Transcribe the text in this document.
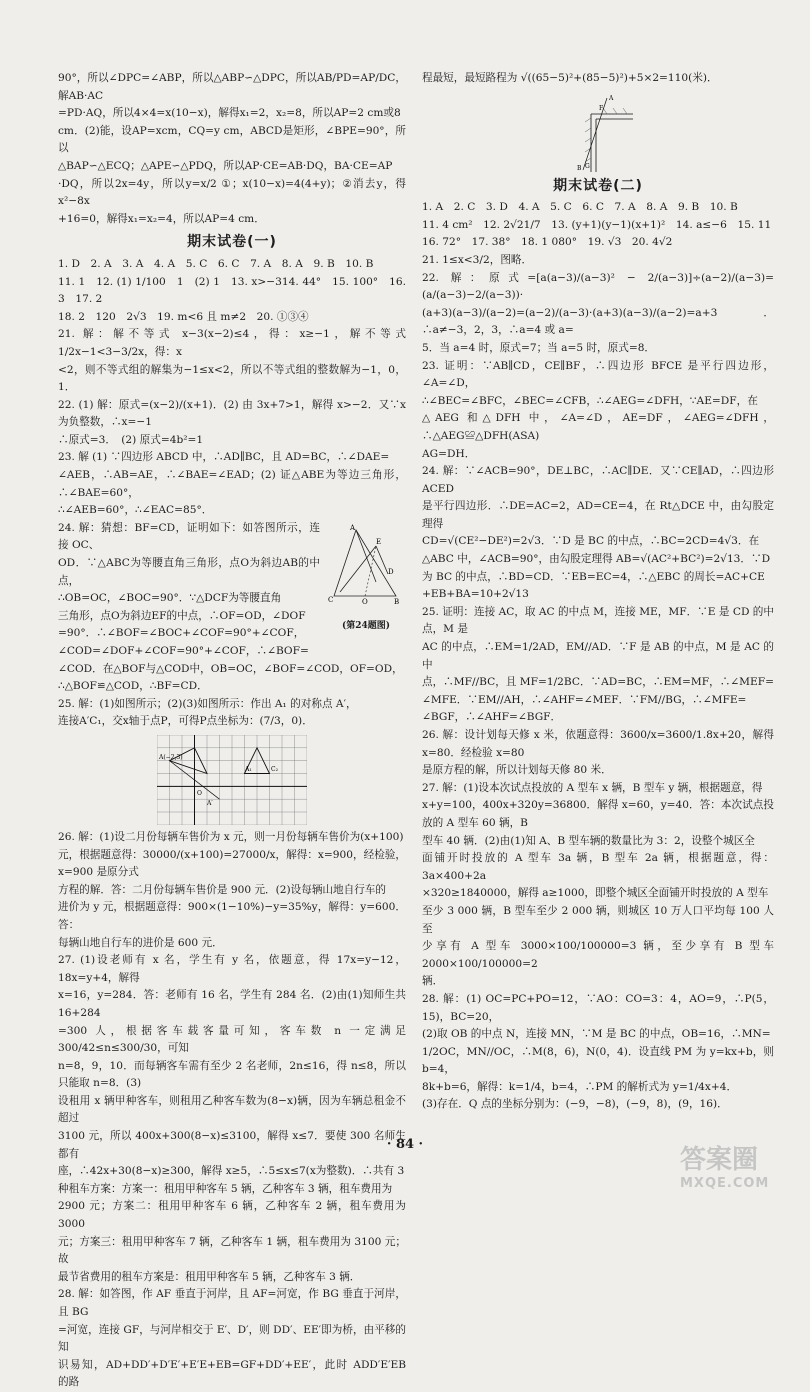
90°，所以∠DPC=∠ABP，所以△ABP∽△DPC，所以AB/PD=AP/DC，解AB·AC

=PD·AQ，所以4×4=x(10−x)，解得x₁=2，x₂=8，所以AP=2 cm或8

cm．(2)能，设AP=xcm，CQ=y cm，ABCD是矩形，∠BPE=90°，所以

△BAP∽△ECQ；△APE∽△PDQ，所以AP·CE=AB·DQ，BA·CE=AP

·DQ，所以2x=4y，所以y=x/2 ①；x(10−x)=4(4+y)；②消去y，得x²−8x

+16=0，解得x₁=x₂=4，所以AP=4 cm．

期末试卷(一)

1. D　2. A　3. A　4. A　5. C　6. C　7. A　8. A　9. B　10. B

11. 1　12. (1) 1/100　1　(2) 1　13. x>−314. 44°　15. 100°　16. 3　17. 2

18. 2　120　2√3　19. m<6 且 m≠2　20. ①③④

21. 解：解不等式 x−3(x−2)≤4，得：x≥−1，解不等式 1/2x−1<3−3/2x，得：x

<2，则不等式组的解集为−1≤x<2，所以不等式组的整数解为−1，0，1．

22. (1) 解：原式=(x−2)/(x+1)．(2) 由 3x+7>1，解得 x>−2．又∵x为负整数，∴x=−1

∴原式=3．　(2) 原式=4b²=1

23. 解 (1) ∵四边形 ABCD 中，∴AD∥BC，且 AD=BC，∴∠DAE=

∠AEB，∴AB=AE，∴∠BAE=∠EAD；(2) 证△ABE为等边三角形，∴∠BAE=60°，

∴∠AEB=60°，∴∠EAC=85°．

A
C	B
E
D
O
(第24题图)

24. 解：猜想：BF=CD，证明如下：如答图所示，连接 OC、

OD．∵△ABC为等腰直角三角形，点O为斜边AB的中点，

∴OB=OC，∠BOC=90°．∵△DCF为等腰直角

三角形，点O为斜边EF的中点，∴OF=OD，∠DOF

=90°．∴∠BOF=∠BOC+∠COF=90°+∠COF，

∠COD=∠DOF+∠COF=90°+∠COF，∴∠BOF=

∠COD．在△BOF与△COD中，OB=OC，∠BOF=∠COD，OF=OD，

∴△BOF≌△COD，∴BF=CD．

25. 解：(1)如图所示；(2)(3)如图所示：作出 A₁ 的对称点 A′，

连接A′C₁，交x轴于点P，可得P点坐标为：(7/3，0)．

A(−2,3)
O
A₁	C₂
A′

26. 解：(1)设二月份每辆车售价为 x 元，则一月份每辆车售价为(x+100)

元，根据题意得：30000/(x+100)=27000/x，解得：x=900，经检验，x=900 是原分式

方程的解．答：二月份每辆车售价是 900 元．(2)设每辆山地自行车的

进价为 y 元，根据题意得：900×(1−10%)−y=35%y，解得：y=600．答：

每辆山地自行车的进价是 600 元．

27. (1)设老师有 x 名，学生有 y 名，依题意，得 17x=y−12，18x=y+4，解得

x=16，y=284．答：老师有 16 名，学生有 284 名．(2)由(1)知师生共 16+284

=300 人，根据客车载客量可知，客车数 n 一定满足 300/42≤n≤300/30，可知

n=8，9，10．而每辆客车需有至少 2 名老师，2n≤16，得 n≤8，所以只能取 n=8．(3)

设租用 x 辆甲种客车，则租用乙种客车数为(8−x)辆，因为车辆总租金不超过

3100 元，所以 400x+300(8−x)≤3100，解得 x≤7．要使 300 名师生都有

座，∴42x+30(8−x)≥300，解得 x≥5，∴5≤x≤7(x为整数)．∴共有 3

种租车方案：方案一：租用甲种客车 5 辆，乙种客车 3 辆，租车费用为

2900 元；方案二：租用甲种客车 6 辆，乙种客车 2 辆，租车费用为 3000

元；方案三：租用甲种客车 7 辆，乙种客车 1 辆，租车费用为 3100 元；故

最节省费用的租车方案是：租用甲种客车 5 辆，乙种客车 3 辆．

28. 解：如答图，作 AF 垂直于河岸，且 AF=河宽，作 BG 垂直于河岸，且 BG

=河宽，连接 GF，与河岸相交于 E′、D′，则 DD′、EE′即为桥，由平移的知

识易知，AD+DD′+D′E′+E′E+EB=GF+DD′+EE′，此时 ADD′E′EB 的路

程最短，最短路程为 √((65−5)²+(85−5)²)+5×2=110(米)．

B
A
F
G

期末试卷(二)

1. A　2. C　3. D　4. A　5. C　6. C　7. A　8. A　9. B　10. B

11. 4 cm²　12. 2√21/7　13. (y+1)(y−1)(x+1)²　14. a≤−6　15. 11

16. 72°　17. 38°　18. 1 080°　19. √3　20. 4√2

21. 1≤x<3/2，图略．

22. 解：原式=[a(a−3)/(a−3)² − 2/(a−3)]÷(a−2)/(a−3)=(a/(a−3)−2/(a−3))·

(a+3)(a−3)/(a−2)=(a−2)/(a−3)·(a+3)(a−3)/(a−2)=a+3．∴a≠−3，2，3，∴a=4 或 a=

5．当 a=4 时，原式=7；当 a=5 时，原式=8．

23. 证明：∵AB∥CD，CE∥BF，∴四边形 BFCE 是平行四边形，∠A=∠D，

∴∠BEC=∠BFC，∠BEC=∠CFB，∴∠AEG=∠DFH，∵AE=DF，在

△AEG 和△DFH 中，∠A=∠D，AE=DF，∠AEG=∠DFH，∴△AEG≌△DFH(ASA)

AG=DH．

24. 解：∵∠ACB=90°，DE⊥BC，∴AC∥DE．又∵CE∥AD，∴四边形 ACED

是平行四边形．∴DE=AC=2，AD=CE=4，在 Rt△DCE 中，由勾股定理得

CD=√(CE²−DE²)=2√3．∵D 是 BC 的中点，∴BC=2CD=4√3．在

△ABC 中，∠ACB=90°，由勾股定理得 AB=√(AC²+BC²)=2√13．∵D

为 BC 的中点，∴BD=CD．∵EB=EC=4，∴△EBC 的周长=AC+CE

+EB+BA=10+2√13

25. 证明：连接 AC，取 AC 的中点 M，连接 ME，MF．∵E 是 CD 的中点，M 是

AC 的中点，∴EM=1/2AD，EM//AD．∵F 是 AB 的中点，M 是 AC 的中

点，∴MF//BC，且 MF=1/2BC．∵AD=BC，∴EM=MF，∴∠MEF=

∠MFE．∵EM//AH，∴∠AHF=∠MEF．∵FM//BG，∴∠MFE=

∠BGF，∴∠AHF=∠BGF．

26. 解：设计划每天修 x 米，依题意得：3600/x=3600/1.8x+20，解得 x=80．经检验 x=80

是原方程的解，所以计划每天修 80 米．

27. 解：(1)设本次试点投放的 A 型车 x 辆，B 型车 y 辆，根据题意，得

x+y=100，400x+320y=36800．解得 x=60，y=40．答：本次试点投放的 A 型车 60 辆，B

型车 40 辆．(2)由(1)知 A、B 型车辆的数量比为 3：2，设整个城区全

面铺开时投放的 A 型车 3a 辆，B 型车 2a 辆，根据题意，得：3a×400+2a

×320≥1840000，解得 a≥1000，即整个城区全面铺开时投放的 A 型车

至少 3 000 辆，B 型车至少 2 000 辆，则城区 10 万人口平均每 100 人至

少享有 A 型车 3000×100/100000=3 辆，至少享有 B 型车 2000×100/100000=2

辆．

28. 解：(1) OC=PC+PO=12，∵AO：CO=3：4，AO=9，∴P(5，15)，BC=20，

(2)取 OB 的中点 N，连接 MN，∵M 是 BC 的中点，OB=16，∴MN=

1/2OC，MN//OC，∴M(8，6)，N(0，4)．设直线 PM 为 y=kx+b，则 b=4，

8k+b=6，解得：k=1/4，b=4，∴PM 的解析式为 y=1/4x+4．

(3)存在．Q 点的坐标分别为：(−9，−8)，(−9，8)，(9，16)．

· 84 ·
答案圈
MXQE.COM
